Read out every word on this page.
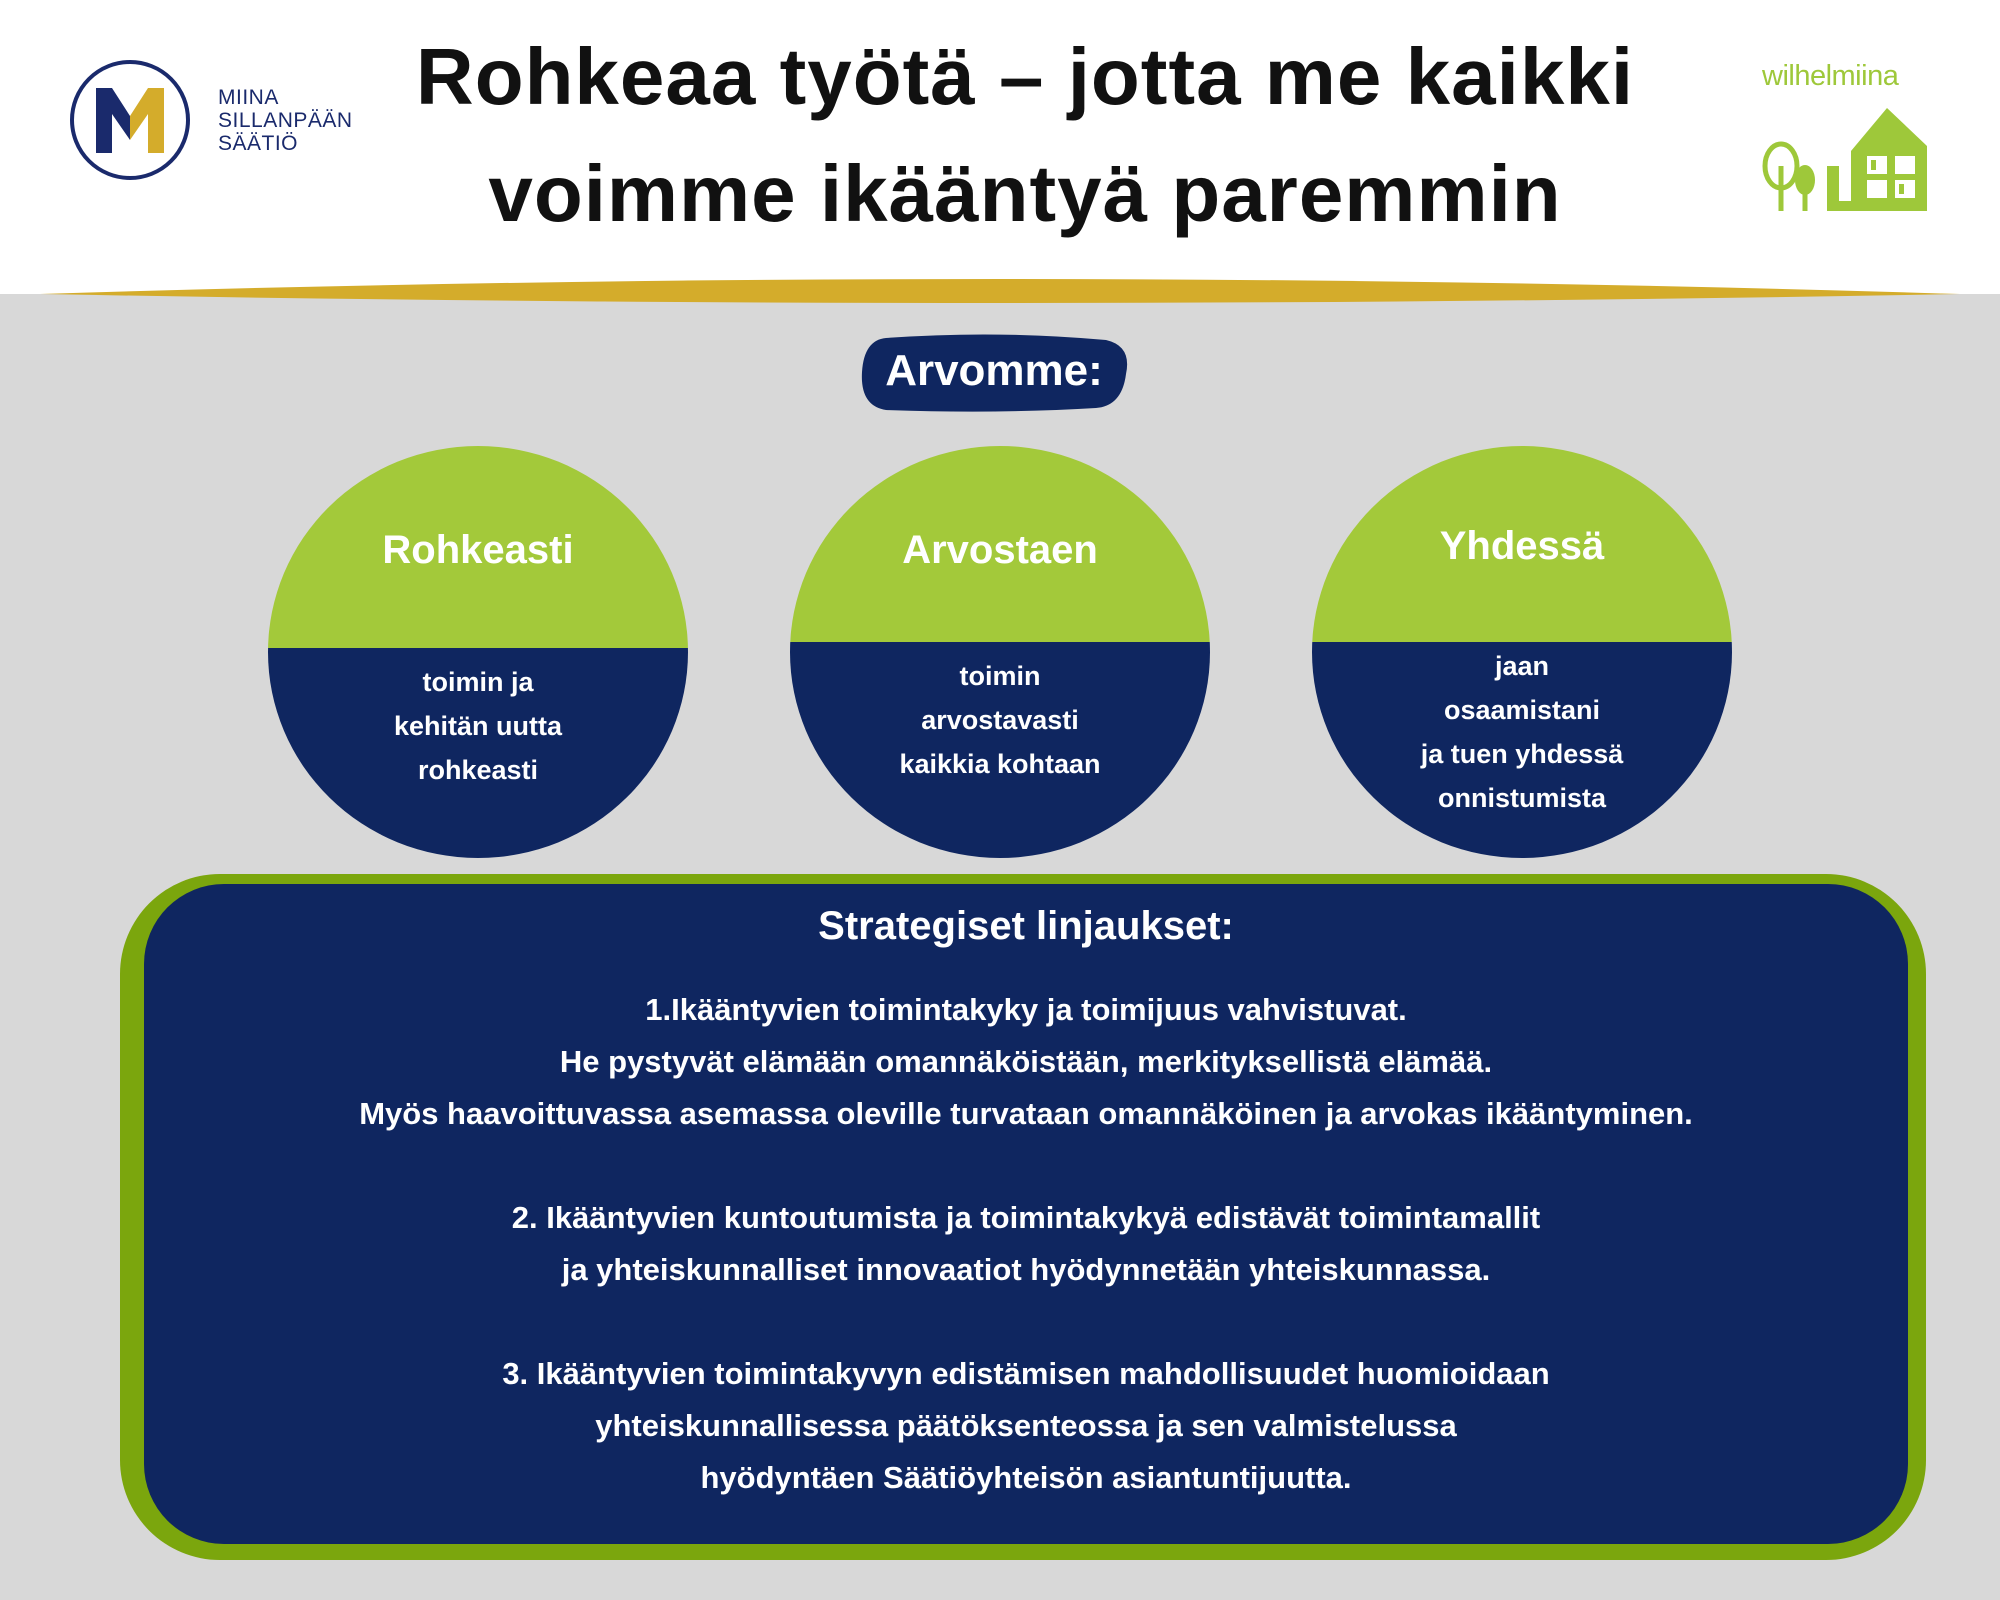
MIINA
SILLANPÄÄN
SÄÄTIÖ
Rohkeaa työtä – jotta me kaikki
voimme ikääntyä paremmin
wilhelmiina
Arvomme:
Rohkeasti
toimin ja
kehitän uutta
rohkeasti
Arvostaen
toimin
arvostavasti
kaikkia kohtaan
Yhdessä
jaan
osaamistani
ja tuen yhdessä
onnistumista
Strategiset linjaukset:
1.Ikääntyvien toimintakyky ja toimijuus vahvistuvat.
He pystyvät elämään omannäköistään, merkityksellistä elämää.
Myös haavoittuvassa asemassa oleville turvataan omannäköinen ja arvokas ikääntyminen.
2. Ikääntyvien kuntoutumista ja toimintakykyä edistävät toimintamallit
ja yhteiskunnalliset innovaatiot hyödynnetään yhteiskunnassa.
3. Ikääntyvien toimintakyvyn edistämisen mahdollisuudet huomioidaan
yhteiskunnallisessa päätöksenteossa ja sen valmistelussa
hyödyntäen Säätiöyhteisön asiantuntijuutta.
